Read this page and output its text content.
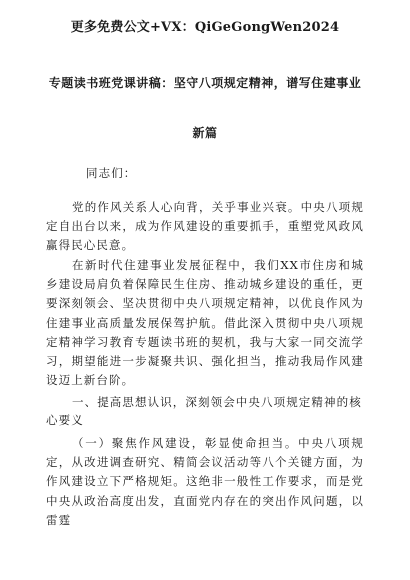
更多免费公文+VX：QiGeGongWen2024
专题读书班党课讲稿：坚守八项规定精神，谱写住建事业
新篇
同志们：
党的作风关系人心向背，关乎事业兴衰。中央八项规定自出台以来，成为作风建设的重要抓手，重塑党风政风赢得民心民意。
在新时代住建事业发展征程中，我们XX市住房和城乡建设局肩负着保障民生住房、推动城乡建设的重任，更要深刻领会、坚决贯彻中央八项规定精神，以优良作风为住建事业高质量发展保驾护航。借此深入贯彻中央八项规定精神学习教育专题读书班的契机，我与大家一同交流学习，期望能进一步凝聚共识、强化担当，推动我局作风建设迈上新台阶。
一、提高思想认识，深刻领会中央八项规定精神的核
心要义
（一）聚焦作风建设，彰显使命担当。中央八项规定，从改进调查研究、精简会议活动等八个关键方面，为作风建设立下严格规矩。这绝非一般性工作要求，而是党中央从政治高度出发，直面党内存在的突出作风问题，以雷霆
